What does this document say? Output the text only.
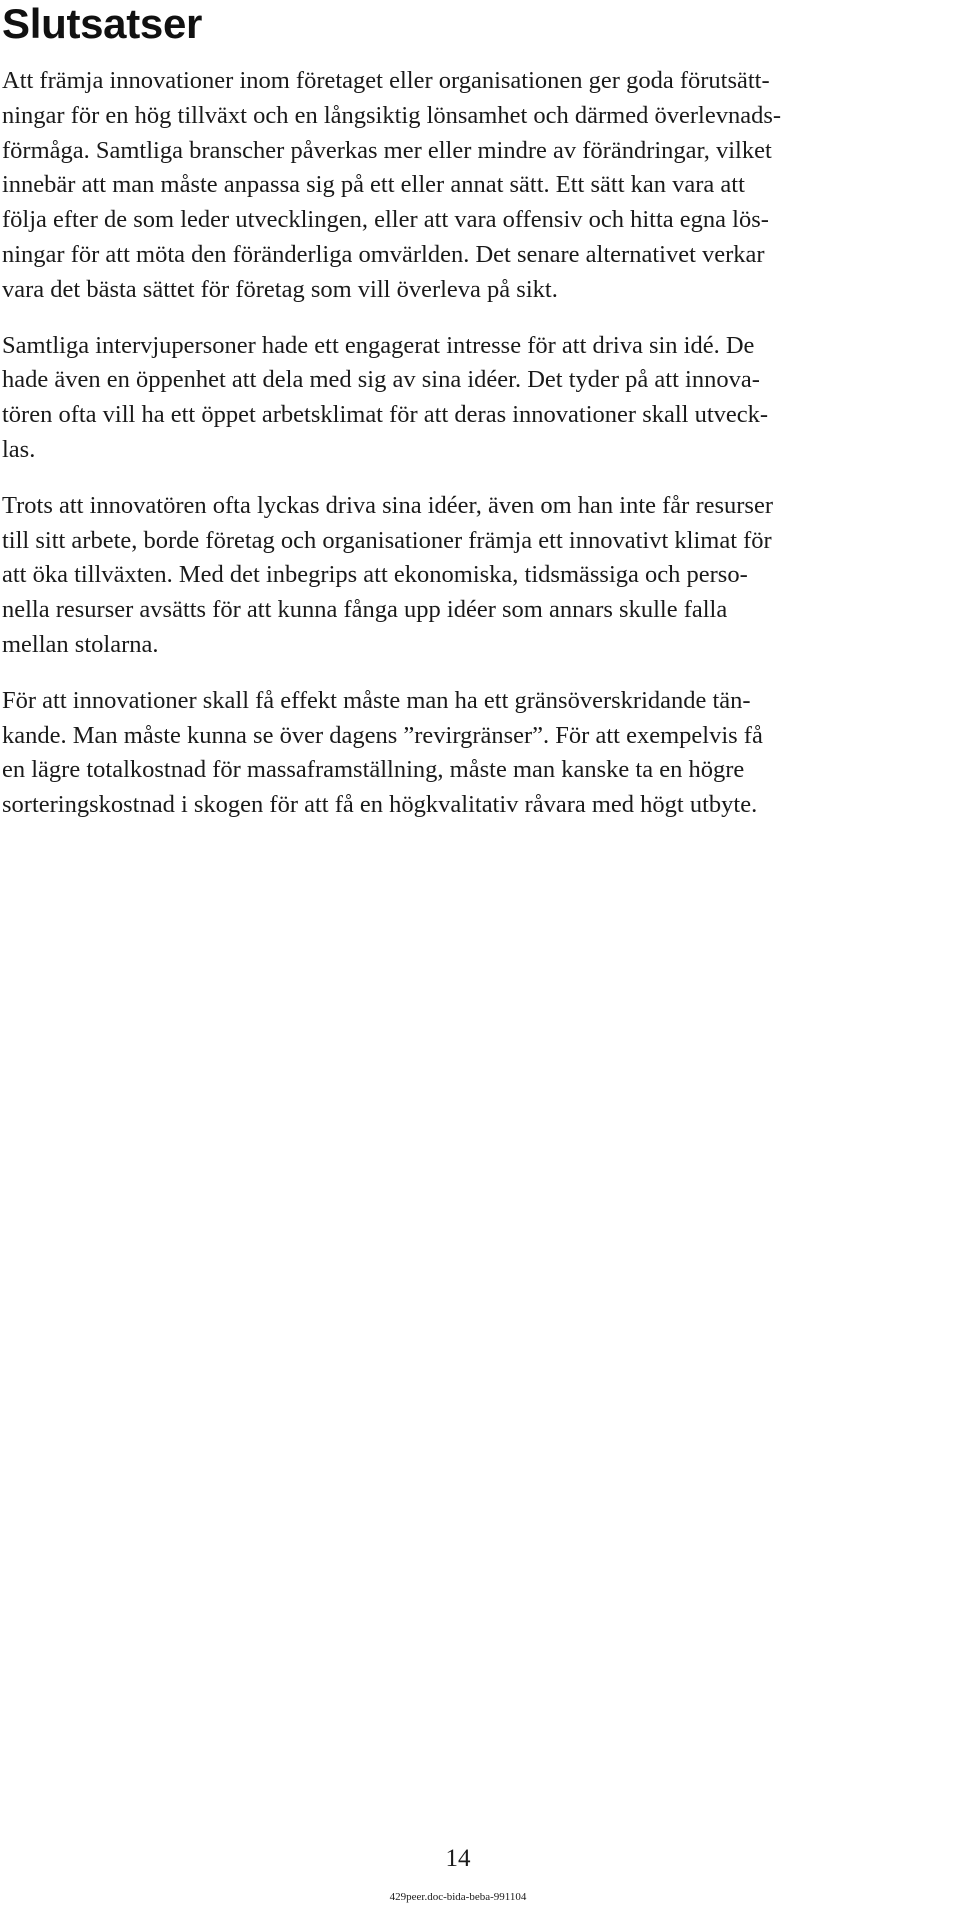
Slutsatser

Att främja innovationer inom företaget eller organisationen ger goda förutsätt-
ningar för en hög tillväxt och en långsiktig lönsamhet och därmed överlevnads-
förmåga. Samtliga branscher påverkas mer eller mindre av förändringar, vilket
innebär att man måste anpassa sig på ett eller annat sätt. Ett sätt kan vara att
följa efter de som leder utvecklingen, eller att vara offensiv och hitta egna lös-
ningar för att möta den föränderliga omvärlden. Det senare alternativet verkar
vara det bästa sättet för företag som vill överleva på sikt.

Samtliga intervjupersoner hade ett engagerat intresse för att driva sin idé. De
hade även en öppenhet att dela med sig av sina idéer. Det tyder på att innova-
tören ofta vill ha ett öppet arbetsklimat för att deras innovationer skall utveck-
las.

Trots att innovatören ofta lyckas driva sina idéer, även om han inte får resurser
till sitt arbete, borde företag och organisationer främja ett innovativt klimat för
att öka tillväxten. Med det inbegrips att ekonomiska, tidsmässiga och perso-
nella resurser avsätts för att kunna fånga upp idéer som annars skulle falla
mellan stolarna.

För att innovationer skall få effekt måste man ha ett gränsöverskridande tän-
kande. Man måste kunna se över dagens ”revirgränser”. För att exempelvis få
en lägre totalkostnad för massaframställning, måste man kanske ta en högre
sorteringskostnad i skogen för att få en högkvalitativ råvara med högt utbyte.

14
429peer.doc-bida-beba-991104
